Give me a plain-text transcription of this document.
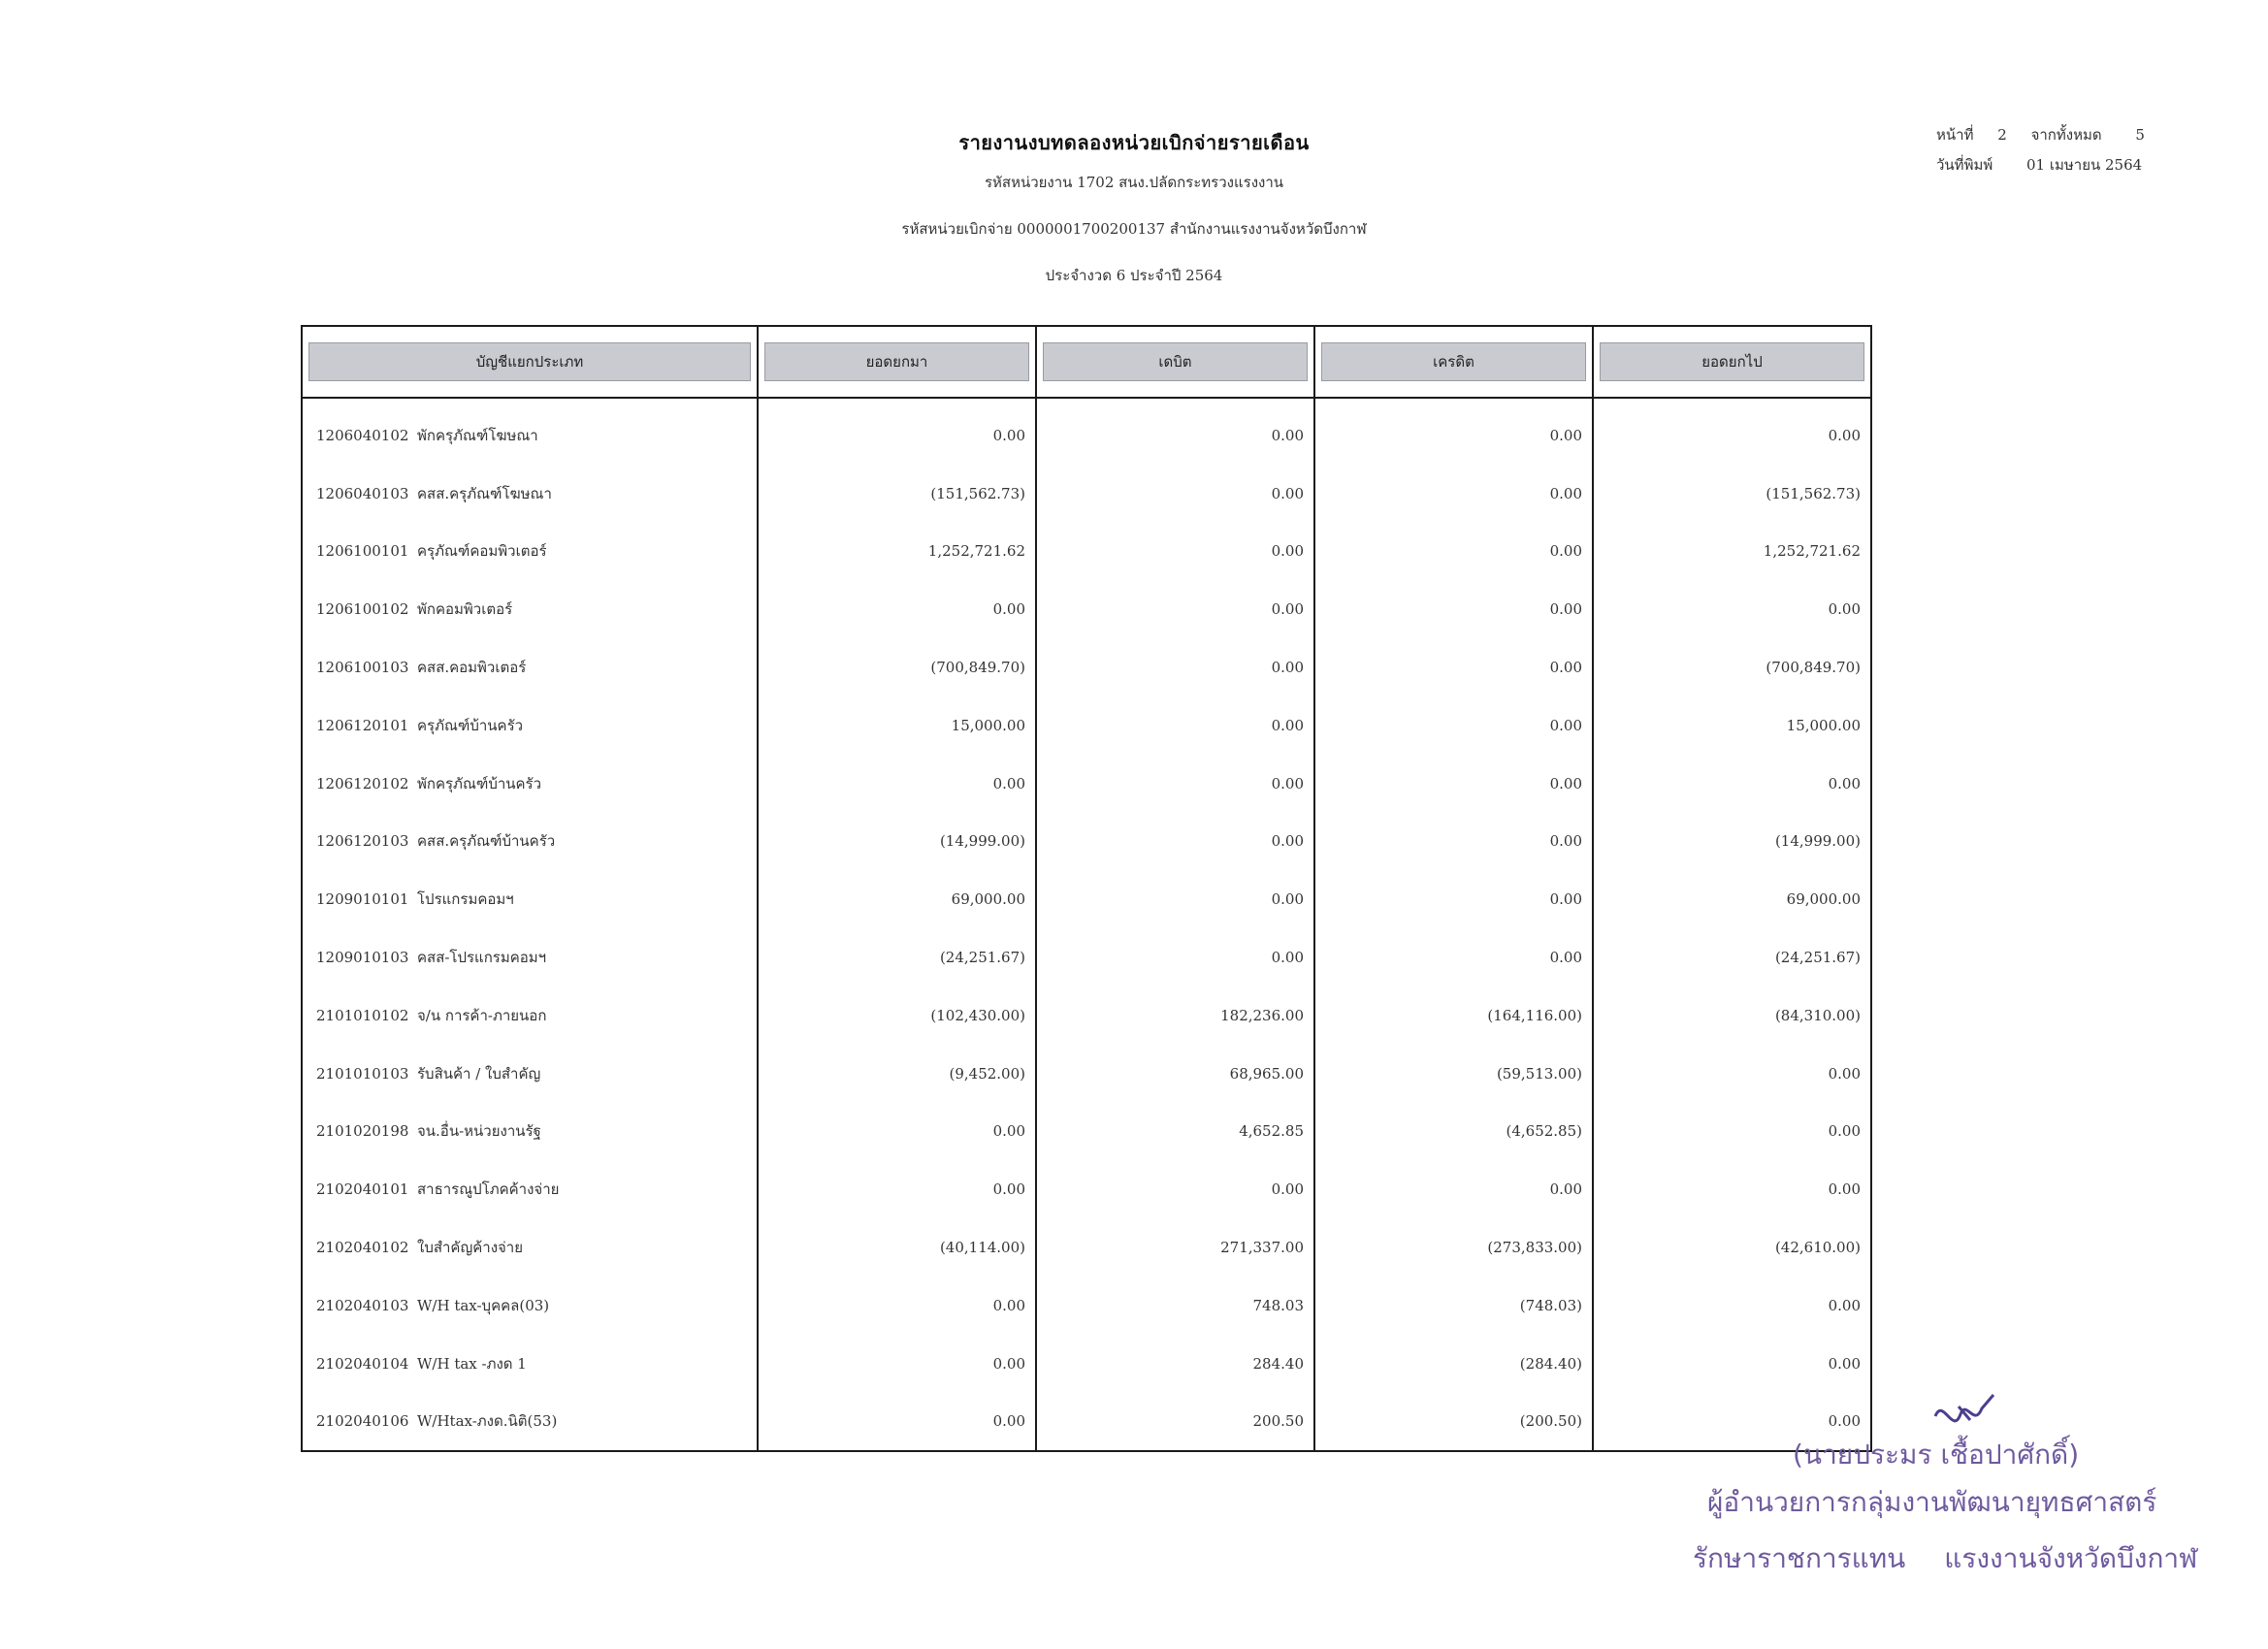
รายงานงบทดลองหน่วยเบิกจ่ายรายเดือน
รหัสหน่วยงาน 1702 สนง.ปลัดกระทรวงแรงงาน
รหัสหน่วยเบิกจ่าย 0000001700200137 สำนักงานแรงงานจังหวัดบึงกาฬ
ประจำงวด 6 ประจำปี 2564
หน้าที่ 2 จากทั้งหมด 5
วันที่พิมพ์ 01 เมษายน 2564
บัญชีแยกประเภท	ยอดยกมา	เดบิต	เครดิต	ยอดยกไป

1206040102 พักครุภัณฑ์โฆษณา	0.00	0.00	0.00	0.00
1206040103 คสส.ครุภัณฑ์โฆษณา	(151,562.73)	0.00	0.00	(151,562.73)
1206100101 ครุภัณฑ์คอมพิวเตอร์	1,252,721.62	0.00	0.00	1,252,721.62
1206100102 พักคอมพิวเตอร์	0.00	0.00	0.00	0.00
1206100103 คสส.คอมพิวเตอร์	(700,849.70)	0.00	0.00	(700,849.70)
1206120101 ครุภัณฑ์บ้านครัว	15,000.00	0.00	0.00	15,000.00
1206120102 พักครุภัณฑ์บ้านครัว	0.00	0.00	0.00	0.00
1206120103 คสส.ครุภัณฑ์บ้านครัว	(14,999.00)	0.00	0.00	(14,999.00)
1209010101 โปรแกรมคอมฯ	69,000.00	0.00	0.00	69,000.00
1209010103 คสส-โปรแกรมคอมฯ	(24,251.67)	0.00	0.00	(24,251.67)
2101010102 จ/น การค้า-ภายนอก	(102,430.00)	182,236.00	(164,116.00)	(84,310.00)
2101010103 รับสินค้า / ใบสำคัญ	(9,452.00)	68,965.00	(59,513.00)	0.00
2101020198 จน.อื่น-หน่วยงานรัฐ	0.00	4,652.85	(4,652.85)	0.00
2102040101 สาธารณูปโภคค้างจ่าย	0.00	0.00	0.00	0.00
2102040102 ใบสำคัญค้างจ่าย	(40,114.00)	271,337.00	(273,833.00)	(42,610.00)
2102040103 W/H tax-บุคคล(03)	0.00	748.03	(748.03)	0.00
2102040104 W/H tax -ภงด 1	0.00	284.40	(284.40)	0.00
2102040106 W/Htax-ภงด.นิติ(53)	0.00	200.50	(200.50)	0.00
(นายประมร เชื้อปาศักดิ์)
ผู้อำนวยการกลุ่มงานพัฒนายุทธศาสตร์
รักษาราชการแทน แรงงานจังหวัดบึงกาฬ
